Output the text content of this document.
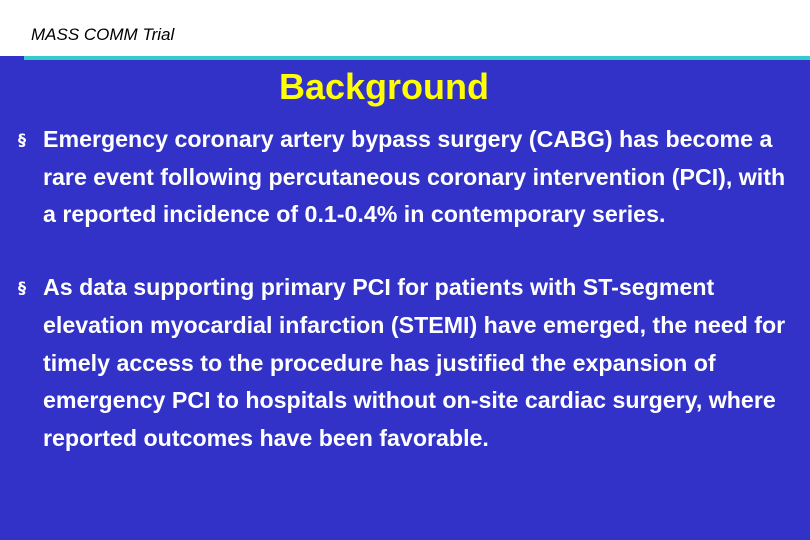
MASS COMM Trial
Background
§ Emergency coronary artery bypass surgery (CABG) has become a rare event following percutaneous coronary intervention (PCI), with a reported incidence of 0.1-0.4% in contemporary series.
§ As data supporting primary PCI for patients with ST-segment elevation myocardial infarction (STEMI) have emerged, the need for timely access to the procedure has justified the expansion of emergency PCI to hospitals without on-site cardiac surgery, where reported outcomes have been favorable.
